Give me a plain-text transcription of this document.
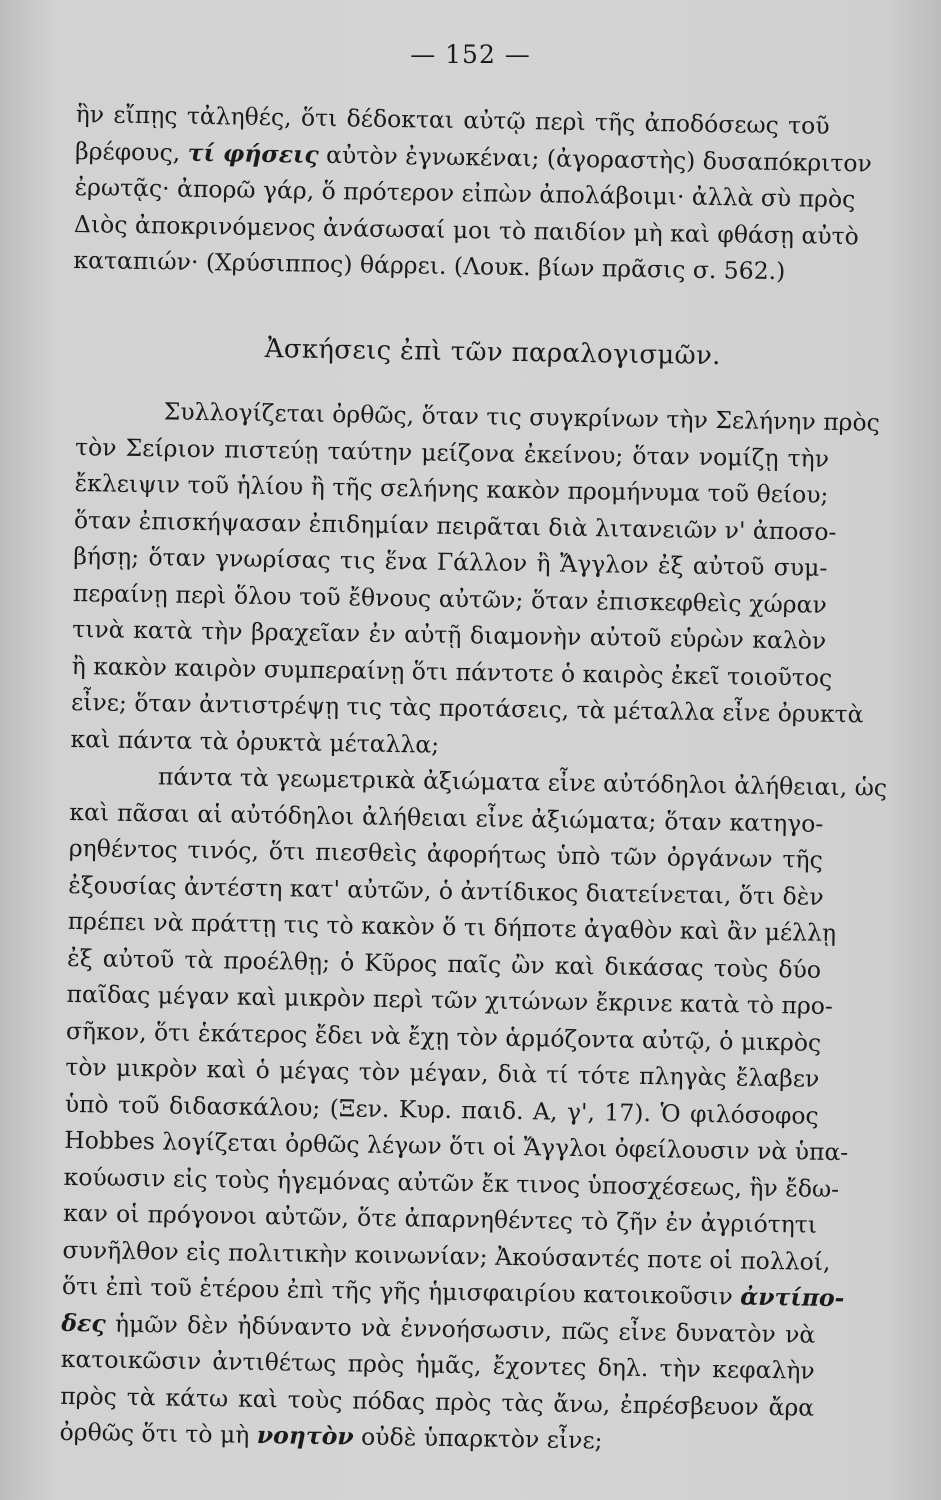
— 152 —
ἣν εἴπῃς τἀληθές, ὅτι δέδοκται αὐτῷ περὶ τῆς ἀποδόσεως τοῦ
βρέφους, τί φήσεις αὐτὸν ἐγνωκέναι; (ἀγοραστὴς) δυσαπόκριτον
ἐρωτᾷς· ἀπορῶ γάρ, ὅ πρότερον εἰπὼν ἀπολάβοιμι· ἀλλὰ σὺ πρὸς
Διὸς ἀποκρινόμενος ἀνάσωσαί μοι τὸ παιδίον μὴ καὶ φθάσῃ αὐτὸ
καταπιών· (Χρύσιππος) θάρρει. (Λουκ. βίων πρᾶσις σ. 562.)
Ἀσκήσεις ἐπὶ τῶν παραλογισμῶν.
Συλλογίζεται ὀρθῶς, ὅταν τις συγκρίνων τὴν Σελήνην πρὸς
τὸν Σείριον πιστεύῃ ταύτην μείζονα ἐκείνου; ὅταν νομίζῃ τὴν
ἔκλειψιν τοῦ ἡλίου ἢ τῆς σελήνης κακὸν προμήνυμα τοῦ θείου;
ὅταν ἐπισκήψασαν ἐπιδημίαν πειρᾶται διὰ λιτανειῶν ν' ἀποσο-
βήσῃ; ὅταν γνωρίσας τις ἕνα Γάλλον ἢ Ἄγγλον ἐξ αὐτοῦ συμ-
περαίνῃ περὶ ὅλου τοῦ ἔθνους αὐτῶν; ὅταν ἐπισκεφθεὶς χώραν
τινὰ κατὰ τὴν βραχεῖαν ἐν αὐτῇ διαμονὴν αὐτοῦ εὑρὼν καλὸν
ἢ κακὸν καιρὸν συμπεραίνῃ ὅτι πάντοτε ὁ καιρὸς ἐκεῖ τοιοῦτος
εἶνε; ὅταν ἀντιστρέψῃ τις τὰς προτάσεις, τὰ μέταλλα εἶνε ὀρυκτὰ
καὶ πάντα τὰ ὀρυκτὰ μέταλλα;
πάντα τὰ γεωμετρικὰ ἀξιώματα εἶνε αὐτόδηλοι ἀλήθειαι, ὡς
καὶ πᾶσαι αἱ αὐτόδηλοι ἀλήθειαι εἶνε ἀξιώματα; ὅταν κατηγο-
ρηθέντος τινός, ὅτι πιεσθεὶς ἀφορήτως ὑπὸ τῶν ὀργάνων τῆς
ἐξουσίας ἀντέστη κατ' αὐτῶν, ὁ ἀντίδικος διατείνεται, ὅτι δὲν
πρέπει νὰ πράττῃ τις τὸ κακὸν ὅ τι δήποτε ἀγαθὸν καὶ ἂν μέλλῃ
ἐξ αὐτοῦ τὰ προέλθῃ; ὁ Κῦρος παῖς ὢν καὶ δικάσας τοὺς δύο
παῖδας μέγαν καὶ μικρὸν περὶ τῶν χιτώνων ἔκρινε κατὰ τὸ προ-
σῆκον, ὅτι ἑκάτερος ἔδει νὰ ἔχῃ τὸν ἁρμόζοντα αὐτῷ, ὁ μικρὸς
τὸν μικρὸν καὶ ὁ μέγας τὸν μέγαν, διὰ τί τότε πληγὰς ἔλαβεν
ὑπὸ τοῦ διδασκάλου; (Ξεν. Κυρ. παιδ. Α, γ', 17). Ὁ φιλόσοφος
Hobbes λογίζεται ὀρθῶς λέγων ὅτι οἱ Ἄγγλοι ὀφείλουσιν νὰ ὑπα-
κούωσιν εἰς τοὺς ἡγεμόνας αὐτῶν ἔκ τινος ὑποσχέσεως, ἣν ἔδω-
καν οἱ πρόγονοι αὐτῶν, ὅτε ἀπαρνηθέντες τὸ ζῆν ἐν ἀγριότητι
συνῆλθον εἰς πολιτικὴν κοινωνίαν; Ἀκούσαντές ποτε οἱ πολλοί,
ὅτι ἐπὶ τοῦ ἑτέρου ἐπὶ τῆς γῆς ἡμισφαιρίου κατοικοῦσιν ἀντίπο-
δες ἡμῶν δὲν ἠδύναντο νὰ ἐννοήσωσιν, πῶς εἶνε δυνατὸν νὰ
κατοικῶσιν ἀντιθέτως πρὸς ἡμᾶς, ἔχοντες δηλ. τὴν κεφαλὴν
πρὸς τὰ κάτω καὶ τοὺς πόδας πρὸς τὰς ἄνω, ἐπρέσβευον ἄρα
ὀρθῶς ὅτι τὸ μὴ νοητὸν οὐδὲ ὑπαρκτὸν εἶνε;
